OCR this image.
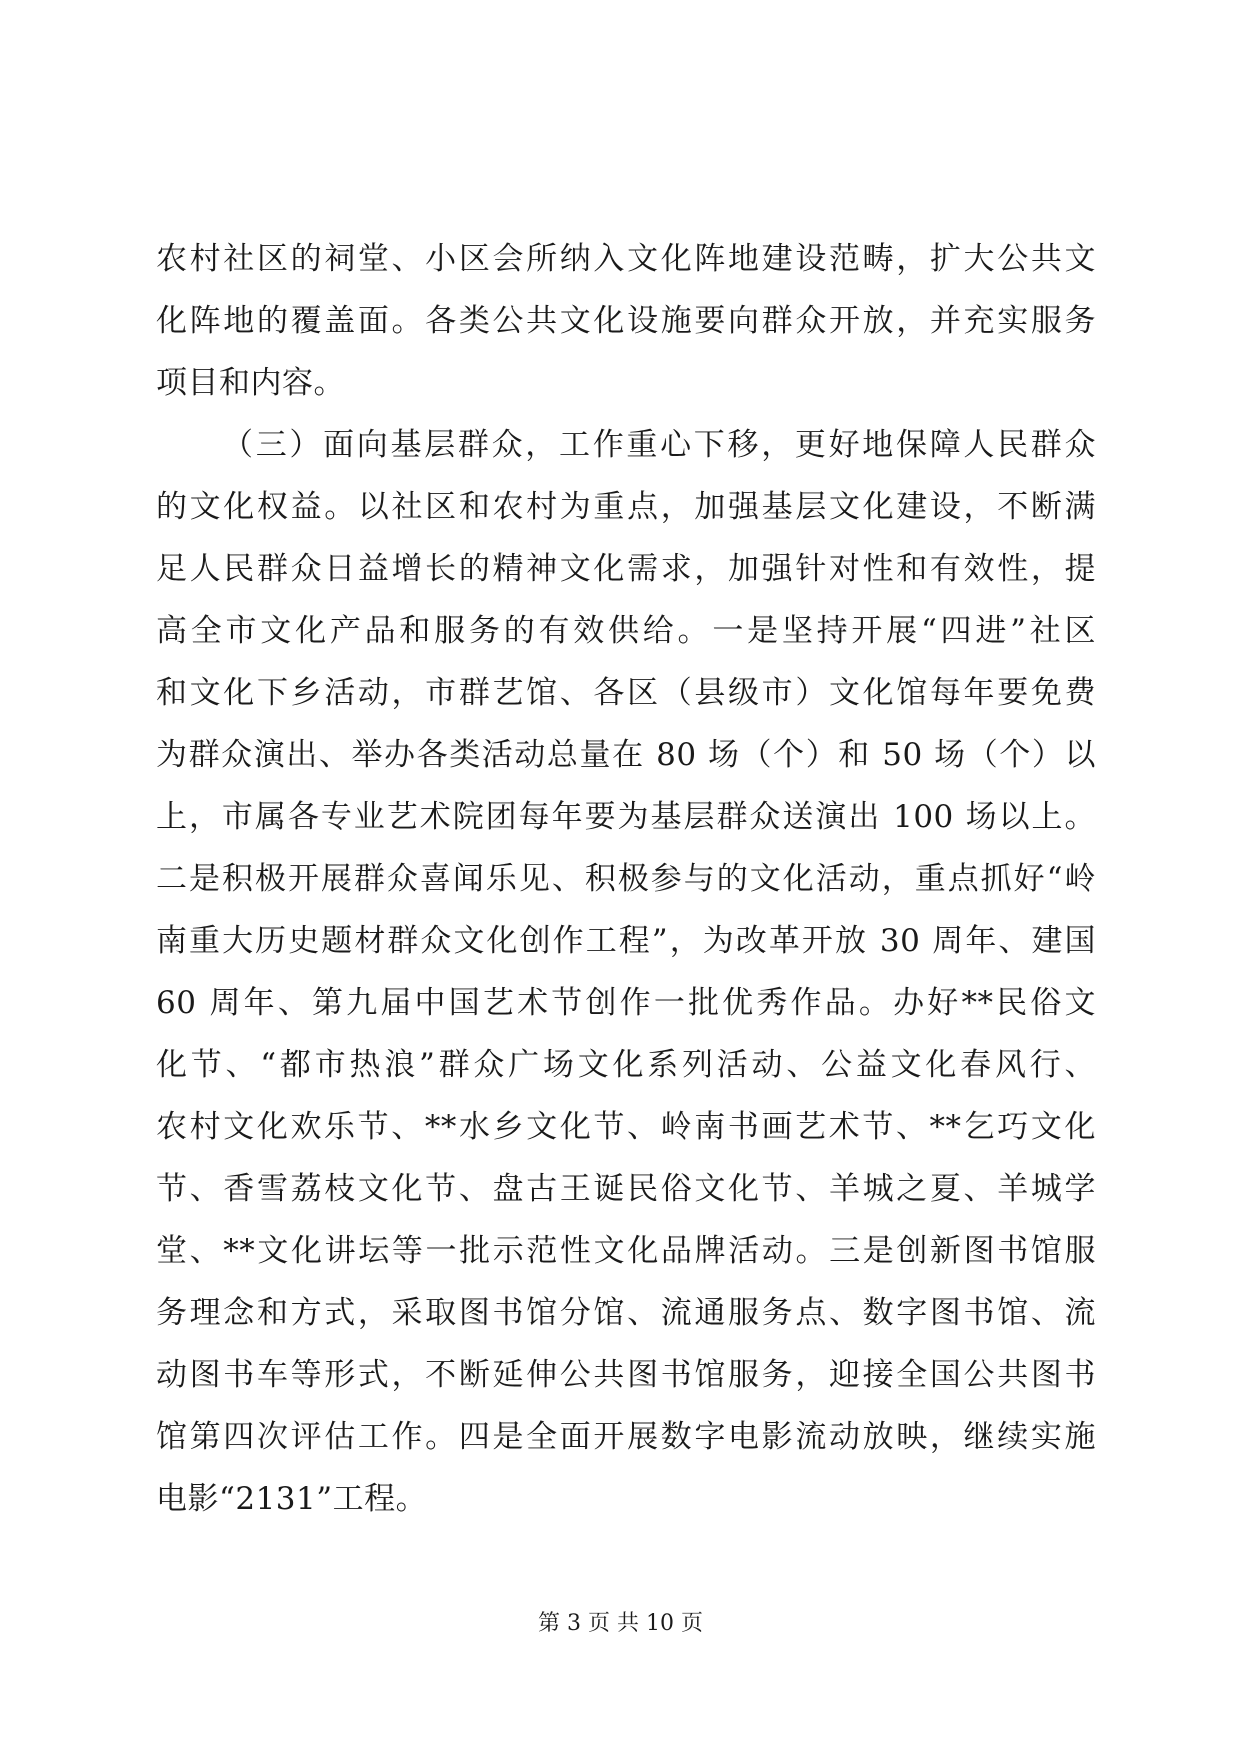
农村社区的祠堂、小区会所纳入文化阵地建设范畴，扩大公共文
化阵地的覆盖面。各类公共文化设施要向群众开放，并充实服务
项目和内容。
（三）面向基层群众，工作重心下移，更好地保障人民群众
的文化权益。以社区和农村为重点，加强基层文化建设，不断满
足人民群众日益增长的精神文化需求，加强针对性和有效性，提
高全市文化产品和服务的有效供给。一是坚持开展“四进”社区
和文化下乡活动，市群艺馆、各区（县级市）文化馆每年要免费
为群众演出、举办各类活动总量在 80 场（个）和 50 场（个）以
上，市属各专业艺术院团每年要为基层群众送演出 100 场以上。
二是积极开展群众喜闻乐见、积极参与的文化活动，重点抓好“岭
南重大历史题材群众文化创作工程”，为改革开放 30 周年、建国
60 周年、第九届中国艺术节创作一批优秀作品。办好**民俗文
化节、“都市热浪”群众广场文化系列活动、公益文化春风行、
农村文化欢乐节、**水乡文化节、岭南书画艺术节、**乞巧文化
节、香雪荔枝文化节、盘古王诞民俗文化节、羊城之夏、羊城学
堂、**文化讲坛等一批示范性文化品牌活动。三是创新图书馆服
务理念和方式，采取图书馆分馆、流通服务点、数字图书馆、流
动图书车等形式，不断延伸公共图书馆服务，迎接全国公共图书
馆第四次评估工作。四是全面开展数字电影流动放映，继续实施
电影“2131”工程。
第 3 页 共 10 页
